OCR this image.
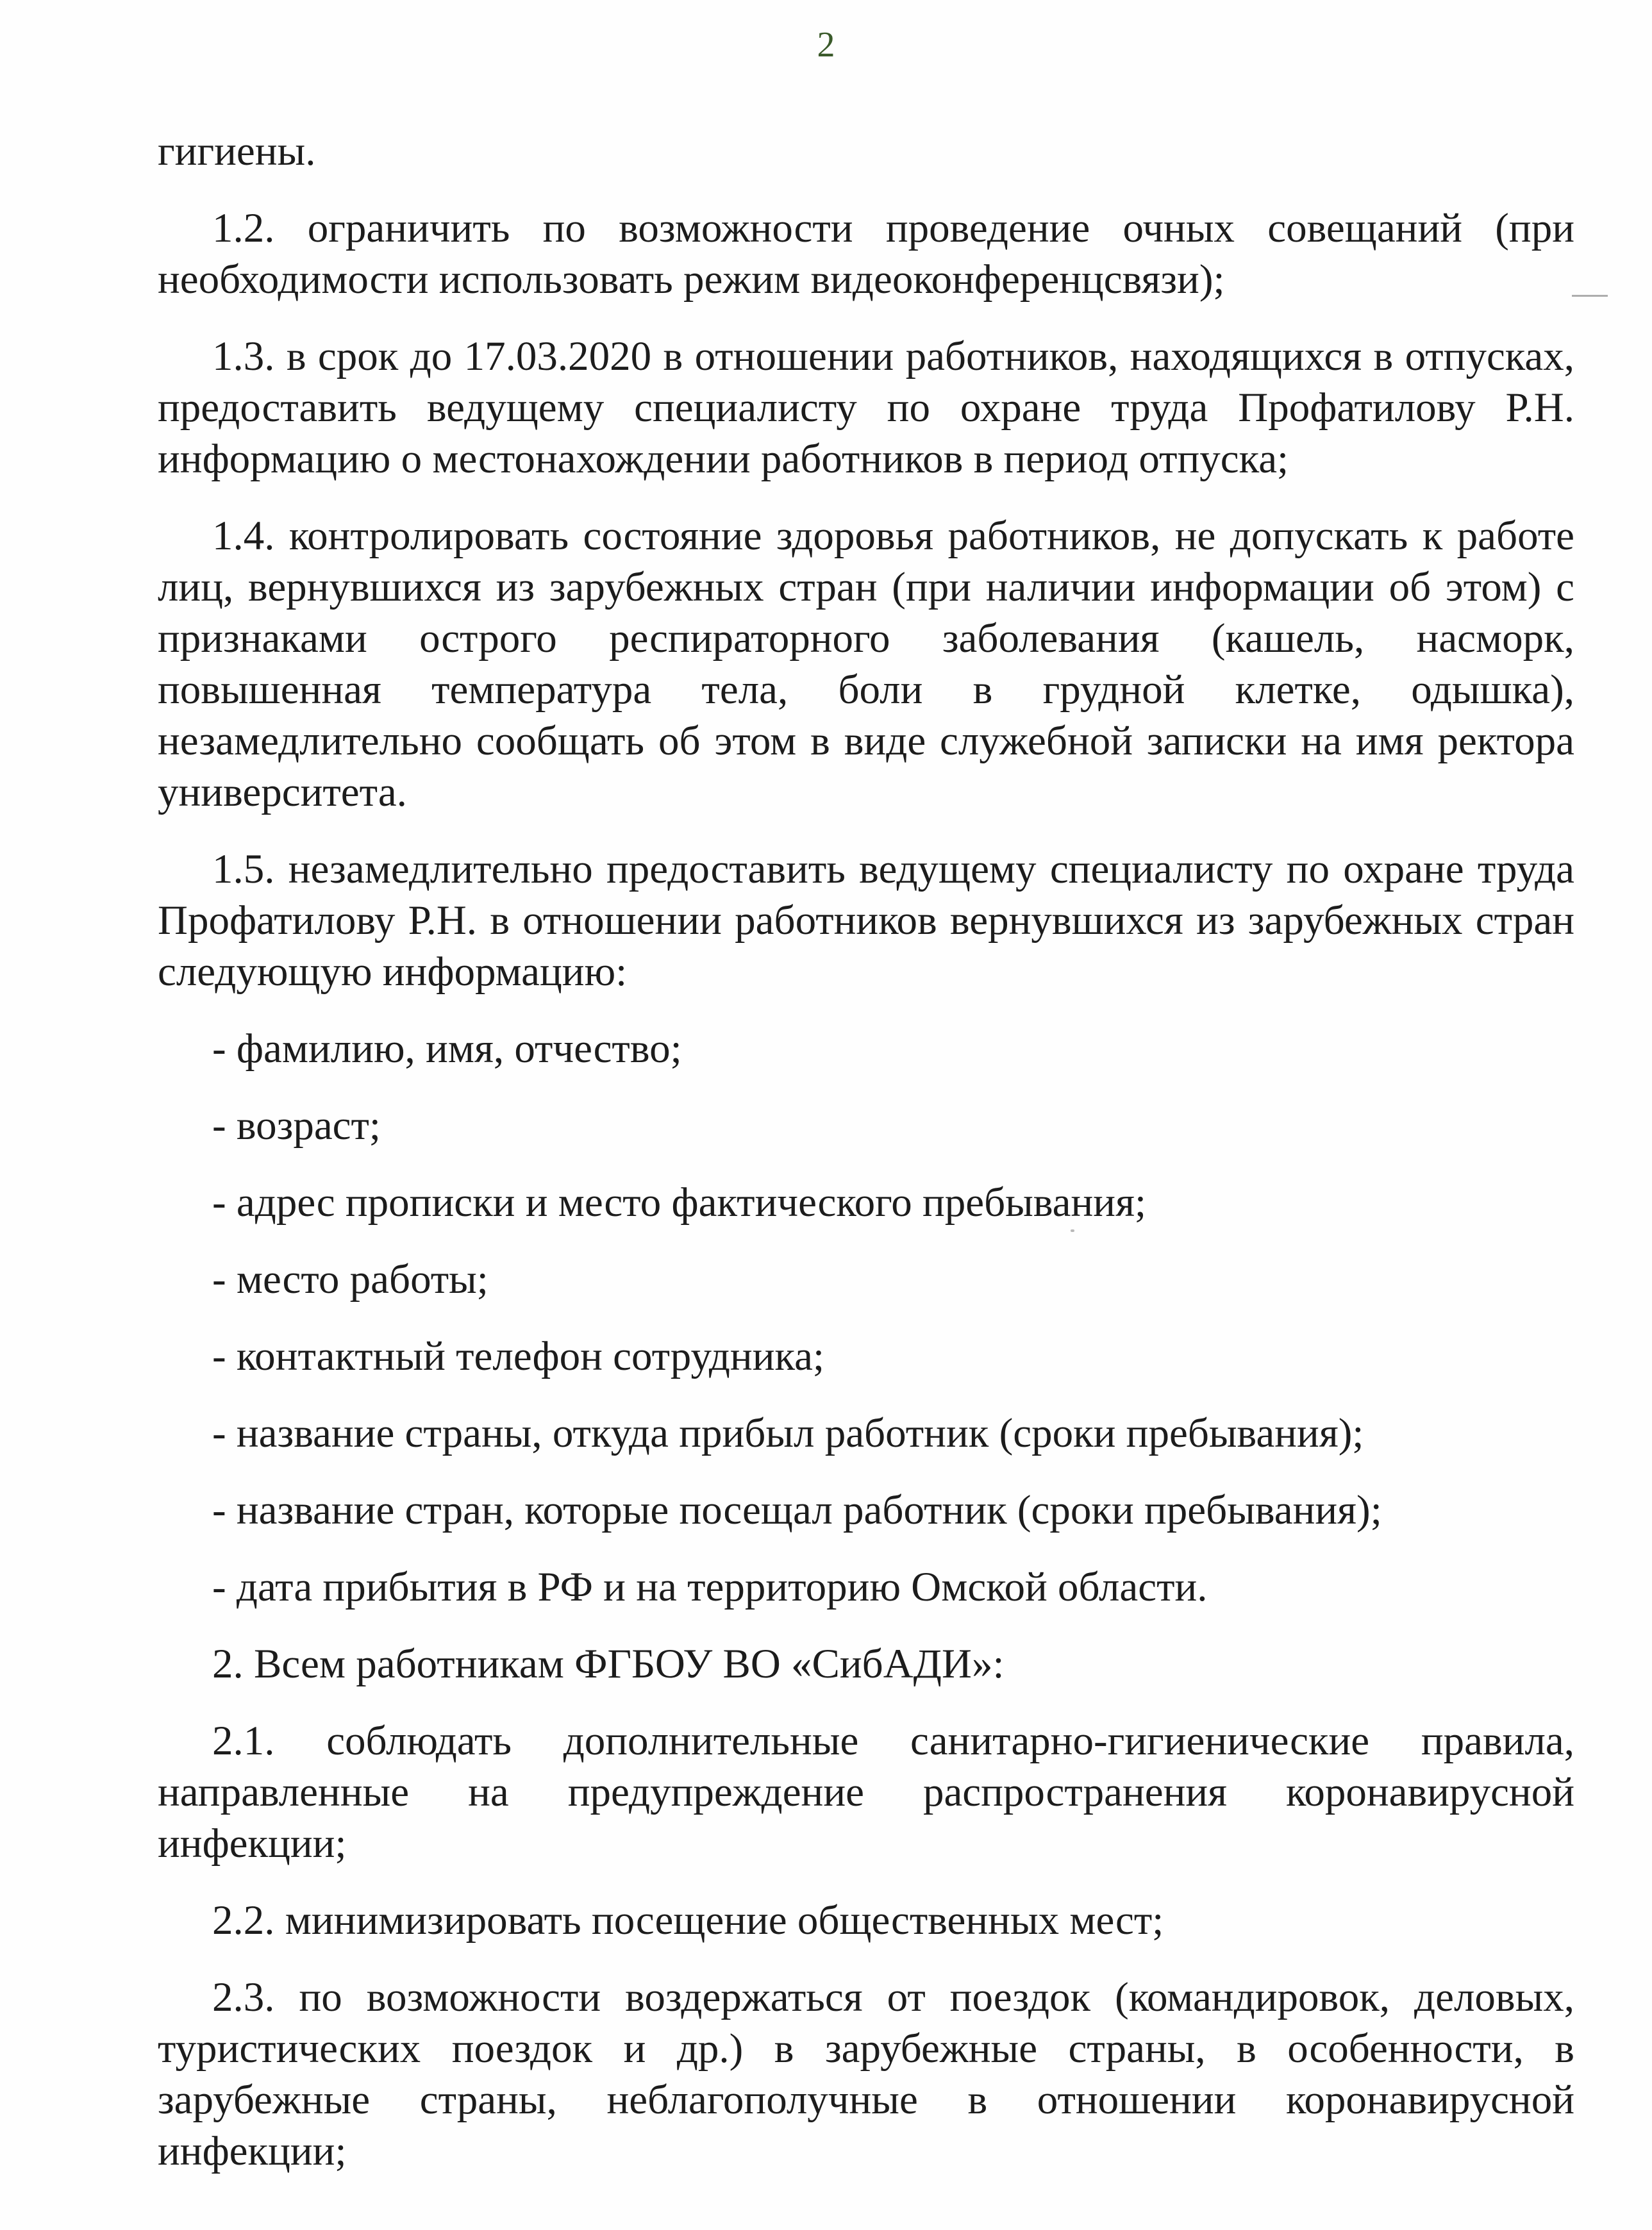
2

гигиены.

1.2. ограничить по возможности проведение очных совещаний (при необходимости использовать режим видеоконференцсвязи);

1.3. в срок до 17.03.2020 в отношении работников, находящихся в отпусках, предоставить ведущему специалисту по охране труда Профатилову Р.Н. информацию о местонахождении работников в период отпуска;

1.4. контролировать состояние здоровья работников, не допускать к работе лиц, вернувшихся из зарубежных стран (при наличии информации об этом) с признаками острого респираторного заболевания (кашель, насморк, повышенная температура тела, боли в грудной клетке, одышка), незамедлительно сообщать об этом в виде служебной записки на имя ректора университета.

1.5. незамедлительно предоставить ведущему специалисту по охране труда Профатилову Р.Н. в отношении работников вернувшихся из зарубежных стран следующую информацию:

- фамилию, имя, отчество;
- возраст;
- адрес прописки и место фактического пребывания;
- место работы;
- контактный телефон сотрудника;
- название страны, откуда прибыл работник (сроки пребывания);
- название стран, которые посещал работник (сроки пребывания);
- дата прибытия в РФ и на территорию Омской области.
2. Всем работникам ФГБОУ ВО «СибАДИ»:

2.1. соблюдать дополнительные санитарно-гигиенические правила, направленные на предупреждение распространения коронавирусной инфекции;

2.2. минимизировать посещение общественных мест;

2.3. по возможности воздержаться от поездок (командировок, деловых, туристических поездок и др.) в зарубежные страны, в особенности, в зарубежные страны, неблагополучные в отношении коронавирусной инфекции;
